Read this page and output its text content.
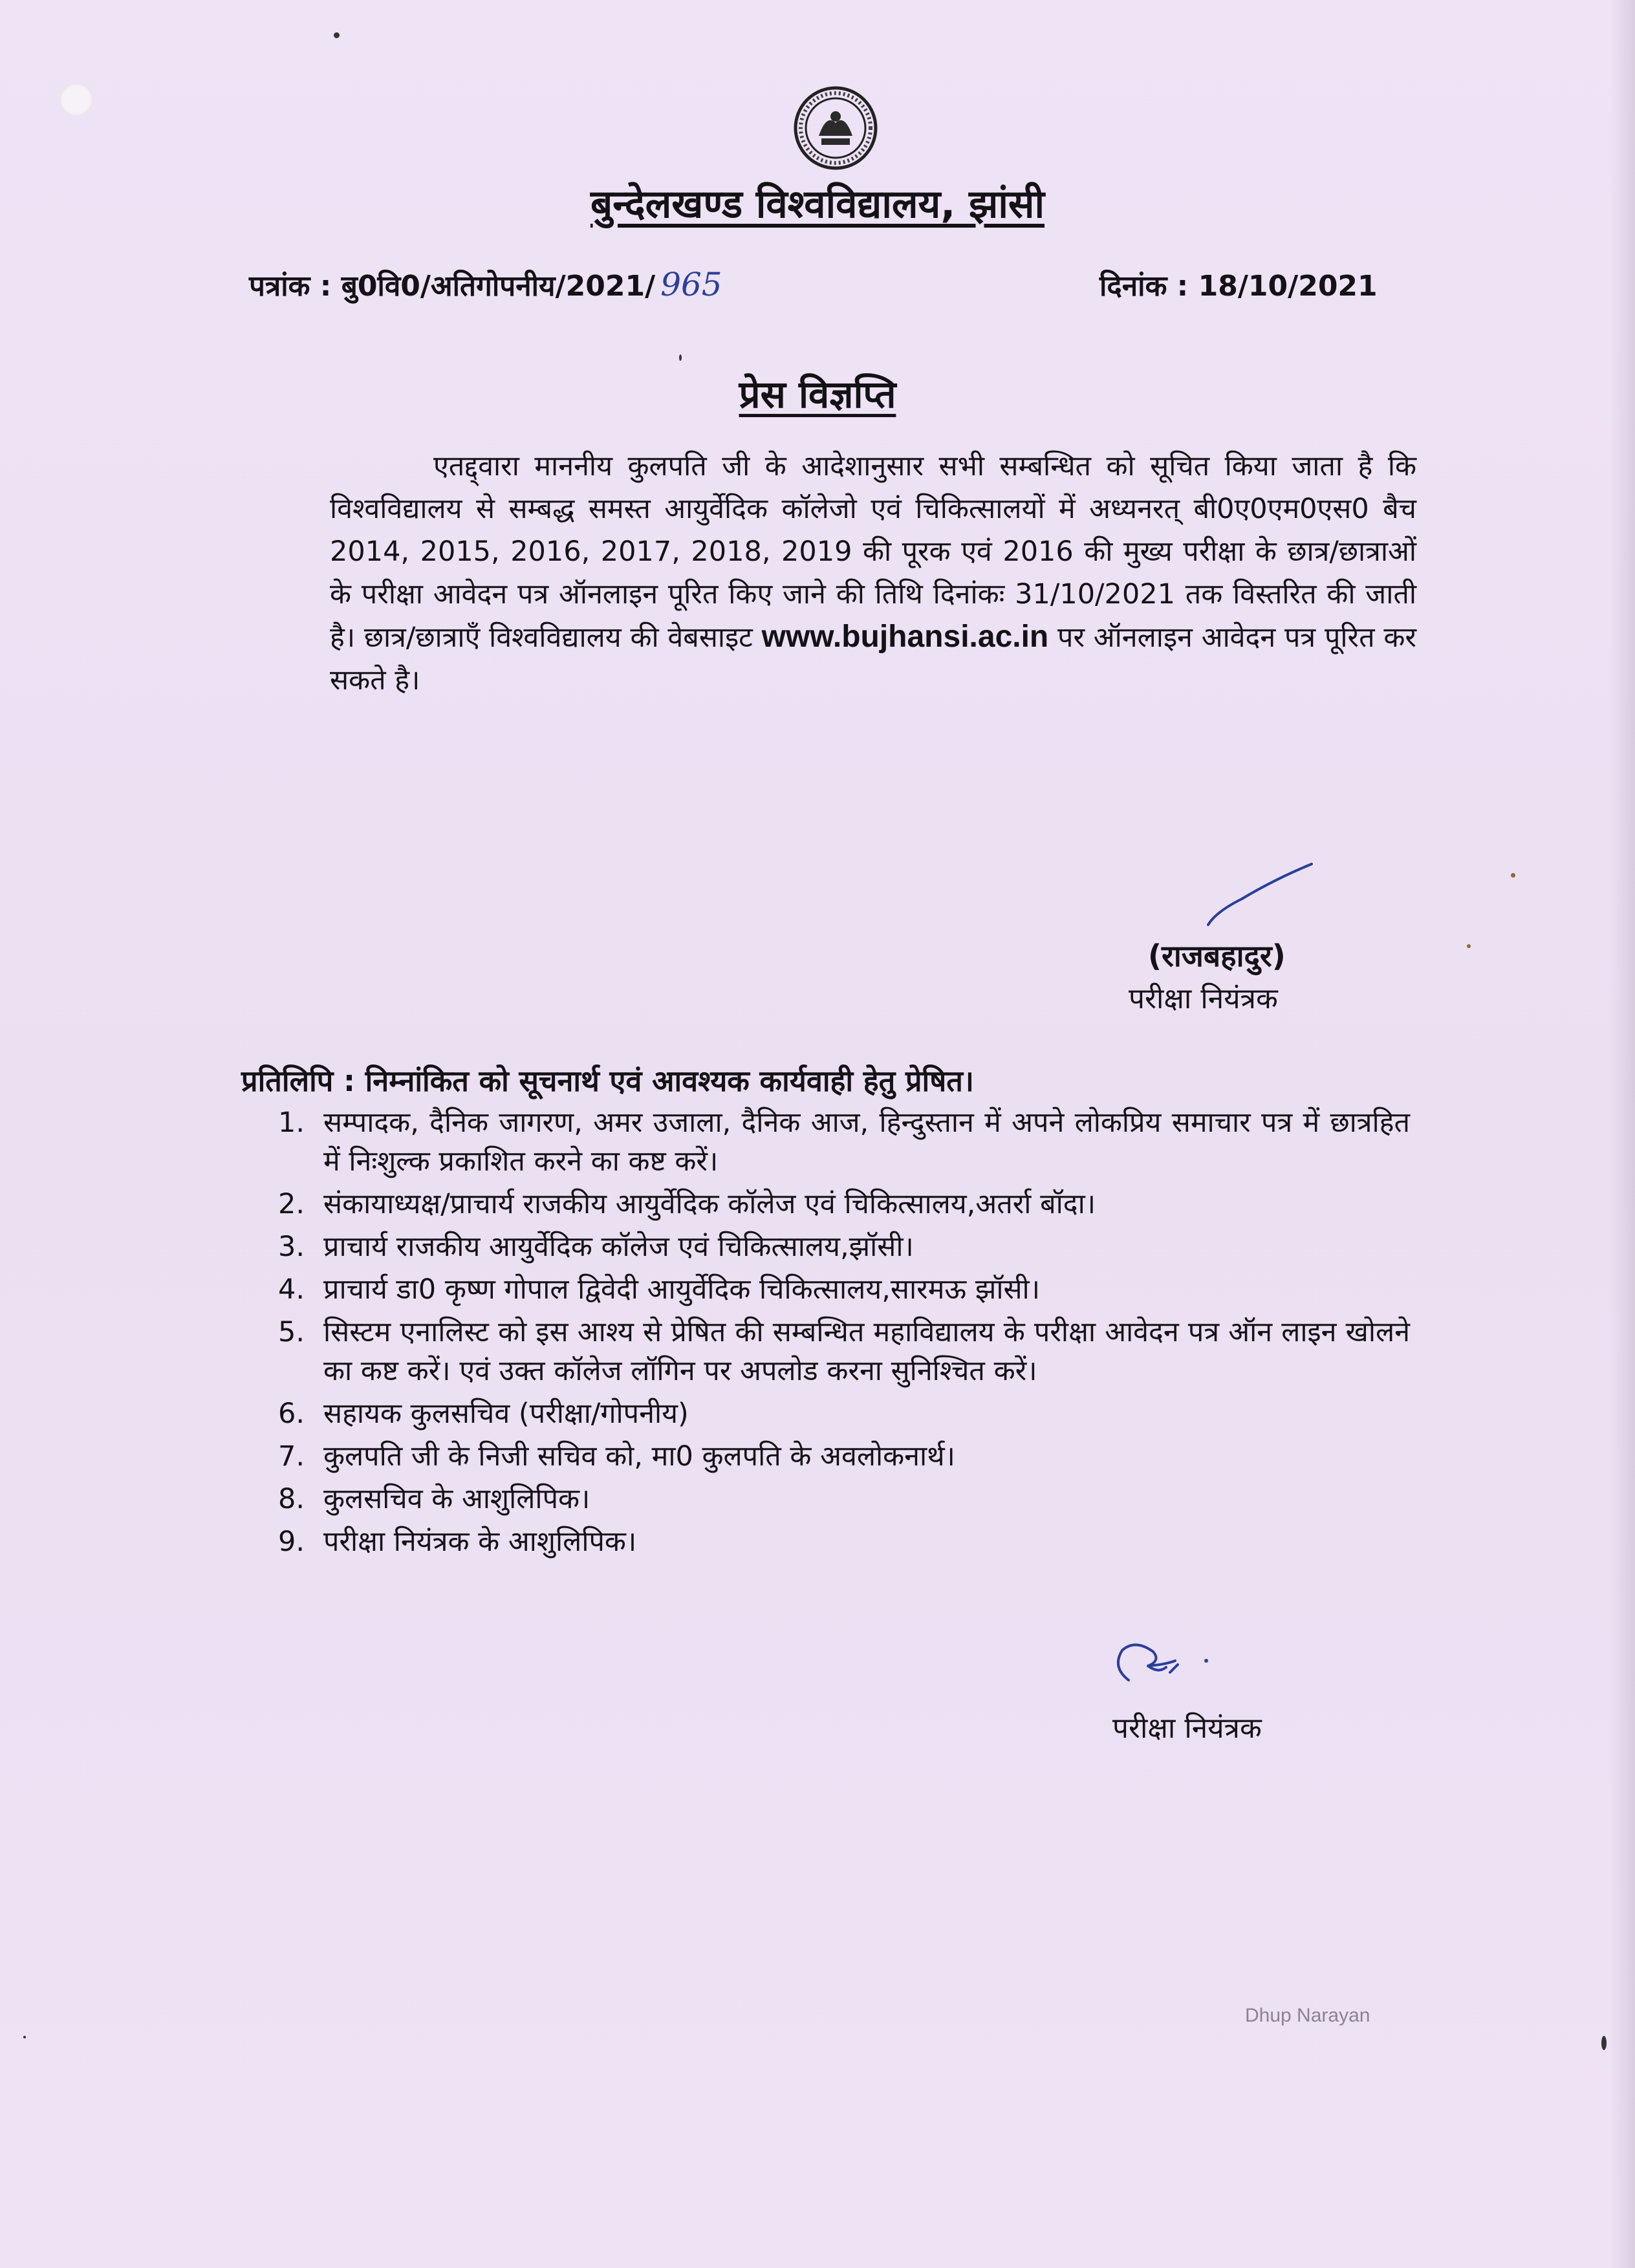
बुन्देलखण्ड विश्वविद्यालय, झांसी
पत्रांक : बु0वि0/अतिगोपनीय/2021/ 965	दिनांक : 18/10/2021
प्रेस विज्ञप्ति
एतद्द्वारा माननीय कुलपति जी के आदेशानुसार सभी सम्बन्धित को सूचित किया जाता है कि विश्वविद्यालय से सम्बद्ध समस्त आयुर्वेदिक कॉलेजो एवं चिकित्सालयों में अध्यनरत् बी0ए0एम0एस0 बैच 2014, 2015, 2016, 2017, 2018, 2019 की पूरक एवं 2016 की मुख्य परीक्षा के छात्र/छात्राओं के परीक्षा आवेदन पत्र ऑनलाइन पूरित किए जाने की तिथि दिनांकः 31/10/2021 तक विस्तरित की जाती है। छात्र/छात्राएँ विश्वविद्यालय की वेबसाइट www.bujhansi.ac.in पर ऑनलाइन आवेदन पत्र पूरित कर सकते है।
(राजबहादुर)
परीक्षा नियंत्रक
प्रतिलिपि : निम्नांकित को सूचनार्थ एवं आवश्यक कार्यवाही हेतु प्रेषित।
1. सम्पादक, दैनिक जागरण, अमर उजाला, दैनिक आज, हिन्दुस्तान में अपने लोकप्रिय समाचार पत्र में छात्रहित में निःशुल्क प्रकाशित करने का कष्ट करें।
2. संकायाध्यक्ष/प्राचार्य राजकीय आयुर्वेदिक कॉलेज एवं चिकित्सालय,अतर्रा बॉदा।
3. प्राचार्य राजकीय आयुर्वेदिक कॉलेज एवं चिकित्सालय,झॉसी।
4. प्राचार्य डा0 कृष्ण गोपाल द्विवेदी आयुर्वेदिक चिकित्सालय,सारमऊ झॉसी।
5. सिस्टम एनालिस्ट को इस आश्य से प्रेषित की सम्बन्धित महाविद्यालय के परीक्षा आवेदन पत्र ऑन लाइन खोलने का कष्ट करें। एवं उक्त कॉलेज लॉगिन पर अपलोड करना सुनिश्चित करें।
6. सहायक कुलसचिव (परीक्षा/गोपनीय)
7. कुलपति जी के निजी सचिव को, मा0 कुलपति के अवलोकनार्थ।
8. कुलसचिव के आशुलिपिक।
9. परीक्षा नियंत्रक के आशुलिपिक।
परीक्षा नियंत्रक
Dhup Narayan
